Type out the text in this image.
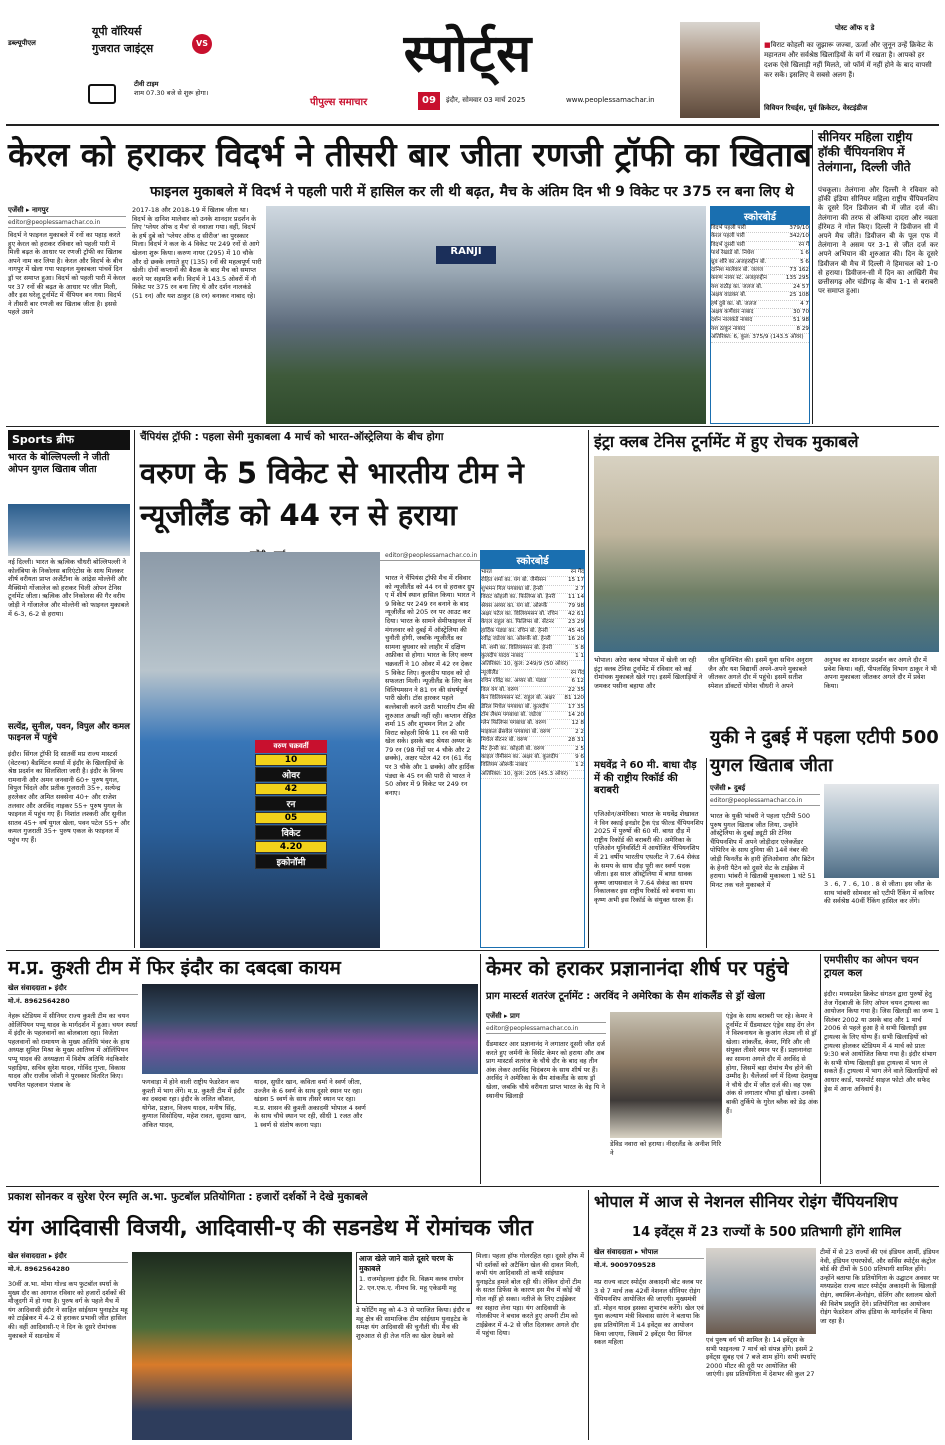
डब्ल्यूपीएल
यूपी वॉरियर्स
गुजरात जाइंट्स	VS
टीवी टाइम
शाम 07.30 बजे से शुरू होगा।
स्पोर्ट्स
पीपुल्स समाचार	09	इंदौर, सोमवार 03 मार्च 2025	www.peoplessamachar.in
पोस्ट ऑफ द डे
■विराट कोहली का जुझारू जज्बा, ऊर्जा और जुनून उन्हें क्रिकेट के महानतम और सर्वश्रेष्ठ खिलाड़ियों के वर्ग में रखता है। आपको हर दशक ऐसे खिलाड़ी नहीं मिलते, जो फॉर्म में नहीं होने के बाद वापसी कर सकें। इसलिए वे सबसे अलग हैं।
विवियन रिचर्ड्स, पूर्व क्रिकेटर, वेस्टइंडीज
केरल को हराकर विदर्भ ने तीसरी बार जीता रणजी ट्रॉफी का खिताब
फाइनल मुकाबले में विदर्भ ने पहली पारी में हासिल कर ली थी बढ़त, मैच के अंतिम दिन भी 9 विकेट पर 375 रन बना लिए थे
एजेंसी ▸ नागपुर
editor@peoplessamachar.co.in
विदर्भ ने फाइनल मुकाबले में रनों का पहाड़ करते हुए केरल को हराकर रविवार को पहली पारी में मिली बढ़त के आधार पर रणजी ट्रॉफी का खिताब अपने नाम कर लिया है। केरल और विदर्भ के बीच नागपुर में खेला गया फाइनल मुकाबला पांचवें दिन ड्रॉ पर समाप्त हुआ। विदर्भ को पहली पारी में केरल पर 37 रनों की बढ़त के आधार पर जीत मिली, और इस घरेलू टूर्नामेंट में चैंपियन बन गया। विदर्भ ने तीसरी बार रणजी का खिताब जीता है। इससे पहले उसने
2017-18 और 2018-19 में खिताब जीता था। विदर्भ के दानिश मालेवार को उनके शानदार प्रदर्शन के लिए 'प्लेयर ऑफ द मैच' से नवाजा गया। वहीं, विदर्भ के हर्ष दुबे को 'प्लेयर ऑफ द सीरीज' का पुरस्कार मिला। विदर्भ ने कल के 4 विकेट पर 249 रनों से आगे खेलना शुरू किया। करुण नायर (295) में 10 चौके और दो छक्के लगाते हुए (135) रनों की महत्वपूर्ण पारी खेली। दोनों कप्तानों की बैठक के बाद मैच को समाप्त करने पर सहमति बनी। विदर्भ ने 143.5 ओवरों में नौ विकेट पर 375 रन बना लिए थे और दर्शन नालकंडे (51 रन) और यश ठाकुर (8 रन) बनाकर नाबाद रहे।
RANJI
स्कोरबोर्ड
विदर्भ पहली पारी	379/10
केरल पहली पारी	342/10
विदर्भ दूसरी पारी	रन गें
पार्थ रेखाडे बो. निधेश	1 6
ध्रुव शौरे का.अजहरुद्दीन बो.	5 6
दानिश मालेवार बो. जलज	73 162
करुण नायर स्टं. अजहरुद्दीन	135 295
यश राठौड़ का. जलज बो.	24 57
अक्षय वाडकर बो.	25 108
हर्ष दुबे का. बो. जलज	4 7
अक्षय कर्णेवार नाबाद	30 70
दर्शन नालकंडे नाबाद	51 98
यश ठाकुर नाबाद	8 29
अतिरिक्त: 6, कुल: 375/9 (143.5 ओवर)
सीनियर महिला राष्ट्रीय हॉकी चैंपियनशिप में तेलंगाना, दिल्ली जीते
पंचकूला। तेलंगाना और दिल्ली ने रविवार को हॉकी इंडिया सीनियर महिला राष्ट्रीय चैंपियनशिप के दूसरे दिन डिवीजन बी में जीत दर्ज की। तेलंगाना की तरफ से अंकिथा दादरा और नम्रता हीरेमठ ने गोल किए। दिल्ली ने डिवीजन सी में अपने मैच जीते। डिवीजन बी के पूल एफ में तेलंगाना ने असम पर 3-1 से जीत दर्ज कर अपने अभियान की शुरुआत की। दिन के दूसरे डिवीजन बी मैच में दिल्ली ने हिमाचल को 1-0 से हराया। डिवीजन-सी में दिन का आखिरी मैच छत्तीसगढ़ और चंडीगढ़ के बीच 1-1 से बराबरी पर समाप्त हुआ।
Sports ब्रीफ
भारत के बोल्लिपल्ली ने जीती ओपन युगल खिताब जीता
नई दिल्ली। भारत के ऋत्विक चौधरी बोल्लिपल्ली ने कोलंबिया के निकोलस बारिएंटोस के साथ मिलकर शीर्ष वरीयता प्राप्त अर्जेंटीना के आंद्रेस मोल्तेनी और मैक्सिमो गोंजालेज को हराकर चिली ओपन टेनिस टूर्नामेंट जीता। ऋत्विक और निकोलस की गैर वरीय जोड़ी ने गोंजालेज और मोल्तेनी को फाइनल मुकाबले में 6-3, 6-2 से हराया।
सत्येंद्र, सुनील, पवन, विपुल और कमल फाइनल में पहुंचे
इंदौर। सिंगल ट्रॉफी दि सातवीं मप्र राज्य मास्टर्स (वेटरन्स) बैडमिंटन स्पर्धा में इंदौर के खिलाड़ियों के श्रेष्ठ प्रदर्शन का सिलसिला जारी है। इंदौर के विनय रामनानी और अमन जनवानी 60+ पुरुष युगल, विपुल चिंदले और प्रतीक गुजराती 35+, सत्येन्द्र हरलेकर और अमित सक्सेना 40+ और राजेश तलवार और अरविंद नाइकर 55+ पुरुष युगल के फाइनल में पहुंच गए हैं। निशांत लश्करी और सुनील सातव 45+ वर्ष युगल खेला, पवन पटेल 55+ और कमल गुजराती 35+ पुरुष एकल के फाइनल में पहुंच गए हैं।
चैंपियंस ट्रॉफी : पहला सेमी मुकाबला 4 मार्च को भारत-ऑस्ट्रेलिया के बीच होगा
वरुण के 5 विकेट से भारतीय टीम ने न्यूजीलैंड को 44 रन से हराया
वरुण चक्रवर्ती
10
ओवर
42
रन
05
विकेट
4.20
इकोनॉमी
editor@peoplessamachar.co.in
भारत ने चैंपियंस ट्रॉफी मैच में रविवार को न्यूजीलैंड को 44 रन से हराकर ग्रुप ए में शीर्ष स्थान हासिल किया। भारत ने 9 विकेट पर 249 रन बनाने के बाद न्यूजीलैंड को 205 रन पर आउट कर दिया। भारत के सामने सेमीफाइनल में मंगलवार को दुबई में ऑस्ट्रेलिया की चुनौती होगी, जबकि न्यूजीलैंड का सामना बुधवार को लाहौर में दक्षिण अफ्रीका से होगा। भारत के लिए वरुण चक्रवर्ती ने 10 ओवर में 42 रन देकर 5 विकेट लिए। कुलदीप यादव को दो सफलता मिली। न्यूजीलैंड के लिए केन विलियमसन ने 81 रन की संघर्षपूर्ण पारी खेली। टॉस हारकर पहले बल्लेबाजी करने उतरी भारतीय टीम की शुरुआत अच्छी नहीं रही। कप्तान रोहित शर्मा 15 और शुभमन गिल 2 और विराट कोहली सिर्फ 11 रन की पारी खेल सके। इसके बाद श्रेयस अय्यर के 79 रन (98 गेंदों पर 4 चौके और 2 छक्के), अक्षर पटेल 42 रन (61 गेंद पर 3 चौके और 1 छक्के) और हार्दिक पंड्या के 45 रन की पारी से भारत ने 50 ओवर में 9 विकेट पर 249 रन बनाए।
स्कोरबोर्ड
भारत	रन गेंद
रोहित शर्मा का. यंग बो. जैमीसन	15 17
शुभमन गिल पगबाधा बो. हेनरी	2 7
विराट कोहली का. फिलिप्स बो. हेनरी 11 14
श्रेयस अय्यर का. यंग बो. ओरूर्के	79 98
अक्षर पटेल का. विलियमसन बो. रचिन 42 61
केएल राहुल का. फिलिप्स बो. सेंटनर 23 29
हार्दिक पंड्या का. रचिन बो. हेनरी	45 45
रवींद्र जडेजा का. ओरूर्के बो. हेनरी	16 20
मो. शमी का. विलियमसन बो. हेनरी	5 8
कुलदीप यादव नाबाद	1 1
अतिरिक्त: 10, कुल: 249/9 (50 ओवर)
न्यूजीलैंड	रन गेंद
रचिन रविंद्र का. अय्यर बो. पंड्या	6 12
विल यंग बो. वरुण	22 35
केन विलियमसन स्टं. राहुल बो. अक्षर 81 120
डेरिल मिचेल पगबाधा बो. कुलदीप	17 35
टॉम लैथम पगबाधा बो. जडेजा	14 20
ग्लेन फिलिप्स पगबाधा बो. वरुण	12 8
माइकल ब्रेसवेल पगबाधा बो. वरुण	2 2
मिचेल सेंटनर बो. वरुण	28 31
मैट हेनरी का. कोहली बो. वरुण	2 5
काइल जैमीसन का. अक्षर बो. कुलदीप	9 6
विलियम ओरूर्के नाबाद	1 2
अतिरिक्त: 10, कुल: 205 (45.3 ओवर)
इंट्रा क्लब टेनिस टूर्नामेंट में हुए रोचक मुकाबले
भोपाल। अरेरा क्लब भोपाल में खेली जा रही इंट्रा क्लब टेनिस टूर्नामेंट में रविवार को कई रोमांचक मुकाबले खेले गए। इसमें खिलाड़ियों ने जमकर पसीना बहाया और
जीत सुनिश्चित की। इसमें युवा सचिन अनुराग जैन और यश विद्यार्थी अपने-अपने मुकाबले जीतकर अगले दौर में पहुंचे। इसमें सतीश स्पेशल डॉक्टरों योगेश चौधरी ने अपने
अनुभव का शानदार प्रदर्शन कर अगले दौर में प्रवेश किया। वहीं, पीपलसिंह विभाग ठाकुर ने भी अपना मुकाबला जीतकर अगले दौर में प्रवेश किया।
मधवेंद्र ने 60 मी. बाधा दौड़ में की राष्ट्रीय रिकॉर्ड की बराबरी
एजिओन/अमेरिका। भारत के मधवेंद्र शेखावत ने विन स्काई इनडोर ट्रैक एंड फील्ड चैंपियनशिप 2025 में पुरुषों की 60 मी. बाधा दौड़ में राष्ट्रीय रिकॉर्ड की बराबरी की। अमेरिका के एजिओन यूनिवर्सिटी में आयोजित चैंपियनशिप में 21 वर्षीय भारतीय एथलीट ने 7.64 सेकंड के समय के साथ दौड़ पूरी कर स्वर्ण पदक जीता। इस साल ऑस्ट्रेलिया में बाधा धावक कृष्ण जायसवाल ने 7.64 सेकंड का समय निकालकर इस राष्ट्रीय रिकॉर्ड को बनाया था। कृष्ण अभी इस रिकॉर्ड के संयुक्त धारक हैं।
युकी ने दुबई में पहला एटीपी 500 युगल खिताब जीता
एजेंसी ▸ दुबई
editor@peoplessamachar.co.in
भारत के युकी भांबरी ने पहला एटीपी 500 पुरुष युगल खिताब जीत लिया, उन्होंने ऑस्ट्रेलिया के दुबई ड्यूटी फ्री टेनिस चैंपियनशिप में अपने जोड़ीदार एलेक्जेंडर पोपिरिन के साथ दुनिया की 14वें नंबर की जोड़ी फिनलैंड के हारी हेलिओवारा और ब्रिटेन के हेनरी पैटेन को दूसरे सेट के टाईब्रेक में हराया। भांबरी ने खिताबी मुकाबला 1 घंटे 51 मिनट तक चले मुकाबले में	3 . 6, 7 . 6, 10 . 8 से जीता। इस जीत के साथ भांबरी सोमवार को एटीपी रैंकिंग में करियर की सर्वश्रेष्ठ 40वीं रैंकिंग हासिल कर लेंगे।
म.प्र. कुश्ती टीम में फिर इंदौर का दबदबा कायम
खेल संवाददाता ▸ इंदौर
मो.नं. 8962564280
नेहरू स्टेडियम में सीनियर राज्य कुश्ती टीम का चयन ओलिंपियन पप्पू यादव के मार्गदर्शन में हुआ। चयन स्पर्धा में इंदौर के पहलवानों का बोलबाला रहा। विजेता पहलवानों को रामायण के मुख्य अतिथि भंवर के हाथ अध्यक्ष सुमित मिश्रा के मुख्य आतिथ्य में ओलिंपियन पप्पू यादव की अध्यक्षता में विशेष अतिथि नंदकिशोर पहाड़िया, सचिव सुरेश यादव, गोविंद गुप्ता, विकास यादव और राजीव जोशी ने पुरस्कार वितरित किए। चयनित पहलवान पंजाब के	फगवाड़ा में होने वाली राष्ट्रीय फेडरेशन कप कुश्ती में भाग लेंगे। म.प्र. कुश्ती टीम में इंदौर का दबदबा रहा। इंदौर के ललित कौशल, योगेश, प्रज्ञान, विजय यादव, मनीष सिंह, कुणाल सिसोदिया, महेश रावत, सुदामा खान, अंकित यादव,
यादव, सुधीर खान, कविता वर्मा ने स्वर्ण जीता, उज्जैन के 6 स्वर्ण के साथ दूसरे स्थान पर रहा। खंडवा 5 स्वर्ण के साथ तीसरे स्थान पर रहा। म.प्र. शासन की कुश्ती अकादमी भोपाल 4 स्वर्ण के साथ चौथे स्थान पर रही, सीधी 1 रजत और 1 स्वर्ण से संतोष करना पड़ा।
केमर को हराकर प्रज्ञानानंदा शीर्ष पर पहुंचे
प्राग मास्टर्स शतरंज टूर्नामेंट : अरविंद ने अमेरिका के सैम शांकलैंड से ड्रॉ खेला
एजेंसी ▸ प्राग
editor@peoplessamachar.co.in
ग्रैंडमास्टर आर प्रज्ञानानंद ने लगातार दूसरी जीत दर्ज करते हुए जर्मनी के विंसेंट केमर को हराया और अब प्राग मास्टर्स शतरंज के चौथे दौर के बाद वह तीन अंक लेकर अरविंद चिदंबरम के साथ शीर्ष पर हैं। अरविंद ने अमेरिका के सैम शांकलैंड के साथ ड्रॉ खेला, जबकि चौथे वरीयता प्राप्त भारत के वेइ यि ने स्थानीय खिलाड़ी
डेविड नवारा को हराया। नीदरलैंड के अनीश गिरि ने
एंड्रेव के साथ बराबरी पर रहे। केमर ने टूर्नामेंट में ग्रैंडमास्टर एंड्रेव साइ देंग लेन ने विश्वनाथन के कुआंग लेउम ली से ड्रॉ खेला। शांकलैंड, केमर, गिरि और ली संयुक्त तीसरे स्थान पर हैं। प्रज्ञानानंदा का सामना अगले दौर में अरविंद से होगा, जिसमें बड़ा रोमांच मैच होने की उम्मीद है। चैलेंजर्स वर्ग में दिव्या देशमुख ने चौथे दौर में जीत दर्ज की। वह एक अंक से लगातार चौथा ड्रॉ खेला। उनकी बाकी तुर्किये के गुरेल ब्लैक को डेढ़ अंक हैं।
एमपीसीए का ओपन चयन ट्रायल कल
इंदौर। मध्यप्रदेश क्रिकेट संगठन द्वारा पुरुषों हेतु तेज गेंदबाजी के लिए ओपन चयन ट्रायल्स का आयोजन किया गया है। जिस खिलाड़ी का जन्म 1 सितंबर 2002 या उसके बाद और 1 मार्च 2006 से पहले हुआ है वे सभी खिलाड़ी इस ट्रायल्स के लिए योग्य हैं। सभी खिलाड़ियों को ट्रायल्स होलकर स्टेडियम में 4 मार्च को प्रातः 9:30 बजे आयोजित किया गया है। इंदौर संभाग के सभी योग्य खिलाड़ी इस ट्रायल्स में भाग ले सकते हैं। ट्रायल्स में भाग लेने वाले खिलाड़ियों को आधार कार्ड, पासपोर्ट साइज फोटो और सफेद ड्रेस में आना अनिवार्य है।
प्रकाश सोनकर व सुरेश ऐरन स्मृति अ.भा. फुटबॉल प्रतियोगिता : हजारों दर्शकों ने देखे मुकाबले
यंग आदिवासी विजयी, आदिवासी-ए की सडनडेथ में रोमांचक जीत
खेल संवाददाता ▸ इंदौर
मो.नं. 8962564280
30वीं अ.भा. मोमा गोल्ड कप फुटबॉल स्पर्धा के मुख्य दौर का आगाज रविवार को हजारों दर्शकों की मौजूदगी में हो गया है। पुरुष वर्ग के पहले मैच में यंग आदिवासी इंदौर ने साहित सांईधाम युनाइटेड महू को टाईब्रेकर में 4-2 से हराकर प्रभावी जीत हासिल की। वहीं आदिवासी-ए ने दिन के दूसरे रोमांचक मुकाबले में सडनडेथ में
आज खेले जाने वाले दूसरे चरण के मुकाबले
1. राजमोहल्ला इंदौर वि. विक्रम क्लब राघरेन
2. एन.एफ.ए. नीमच वि. महू एकेडमी महू
डे फोर्टिंग महू को 4-3 से पराजित किया। इंदौर व महू क्षेत्र की सामाजिक टीम सांईधाम युनाइटेड के समक्ष यंग आदिवासी की चुनौती थी। मैच की शुरुआत से ही तेज गति का खेल देखने को
मिला। पहला हॉफ गोलरहित रहा। दूसरे हॉफ में भी दर्शकों को अटैकिंग खेल की दावत मिली, कभी यंग आदिवासी तो कभी सांईधाम युनाइटेड हमले बोल रही थी। लेकिन दोनों टीम के सतत डिफेंस के कारण इस मैच में कोई भी गोल नहीं हो सका। नतीजे के लिए टाईब्रेकर का सहारा लेना पड़ा। यंग आदिवासी के गोलकीपर ने बचाव करते हुए अपनी टीम को टाईब्रेकर में 4-2 से जीत दिलाकर अगले दौर में पहुंचा दिया।
भोपाल में आज से नेशनल सीनियर रोइंग चैंपियनशिप
14 इवेंट्स में 23 राज्यों के 500 प्रतिभागी होंगे शामिल
खेल संवाददाता ▸ भोपाल
मो.नं. 9009709528
मप्र राज्य वाटर स्पोर्ट्स अकादमी बोट क्लब पर 3 से 7 मार्च तक 42वीं नेशनल सीनियर रोइंग चैंपियनशिप आयोजित की जाएगी। मुख्यमंत्री डॉ. मोहन यादव इसका शुभारंभ करेंगे। खेल एवं युवा कल्याण मंत्री विश्वास सारंग ने बताया कि इस प्रतियोगिता में 14 इवेंट्स का आयोजन किया जाएगा, जिसमें 2 इवेंट्स पैरा सिंगल स्कल महिला	एवं पुरुष वर्ग भी शामिल है। 14 इवेंट्स के सभी फाइनल्स 7 मार्च को संपन्न होंगे। इसमें 2 इवेंट्स सुबह एवं 7 बजे शाम होंगे। सभी स्पर्धाएं 2000 मीटर की दूरी पर आयोजित की जाएंगी। इस प्रतियोगिता में देशभर की कुल 27
टीमों में से 23 राज्यों की एवं इंडियन आर्मी, इंडियन नेवी, इंडियन एयरफोर्स, और सर्विस स्पोर्ट्स कंट्रोल बोर्ड की टीमों के 500 प्रतिभागी शामिल होंगे। उन्होंने बताया कि प्रतियोगिता के उद्घाटन अवसर पर मध्यप्रदेश राज्य वाटर स्पोर्ट्स अकादमी के खिलाड़ी रोइंग, क्याकिंग-केनोइंग, सेलिंग और स्लालम खेलों की विशेष प्रस्तुति देंगे। प्रतियोगिता का आयोजन रोइंग फेडरेशन ऑफ इंडिया के मार्गदर्शन में किया जा रहा है।
